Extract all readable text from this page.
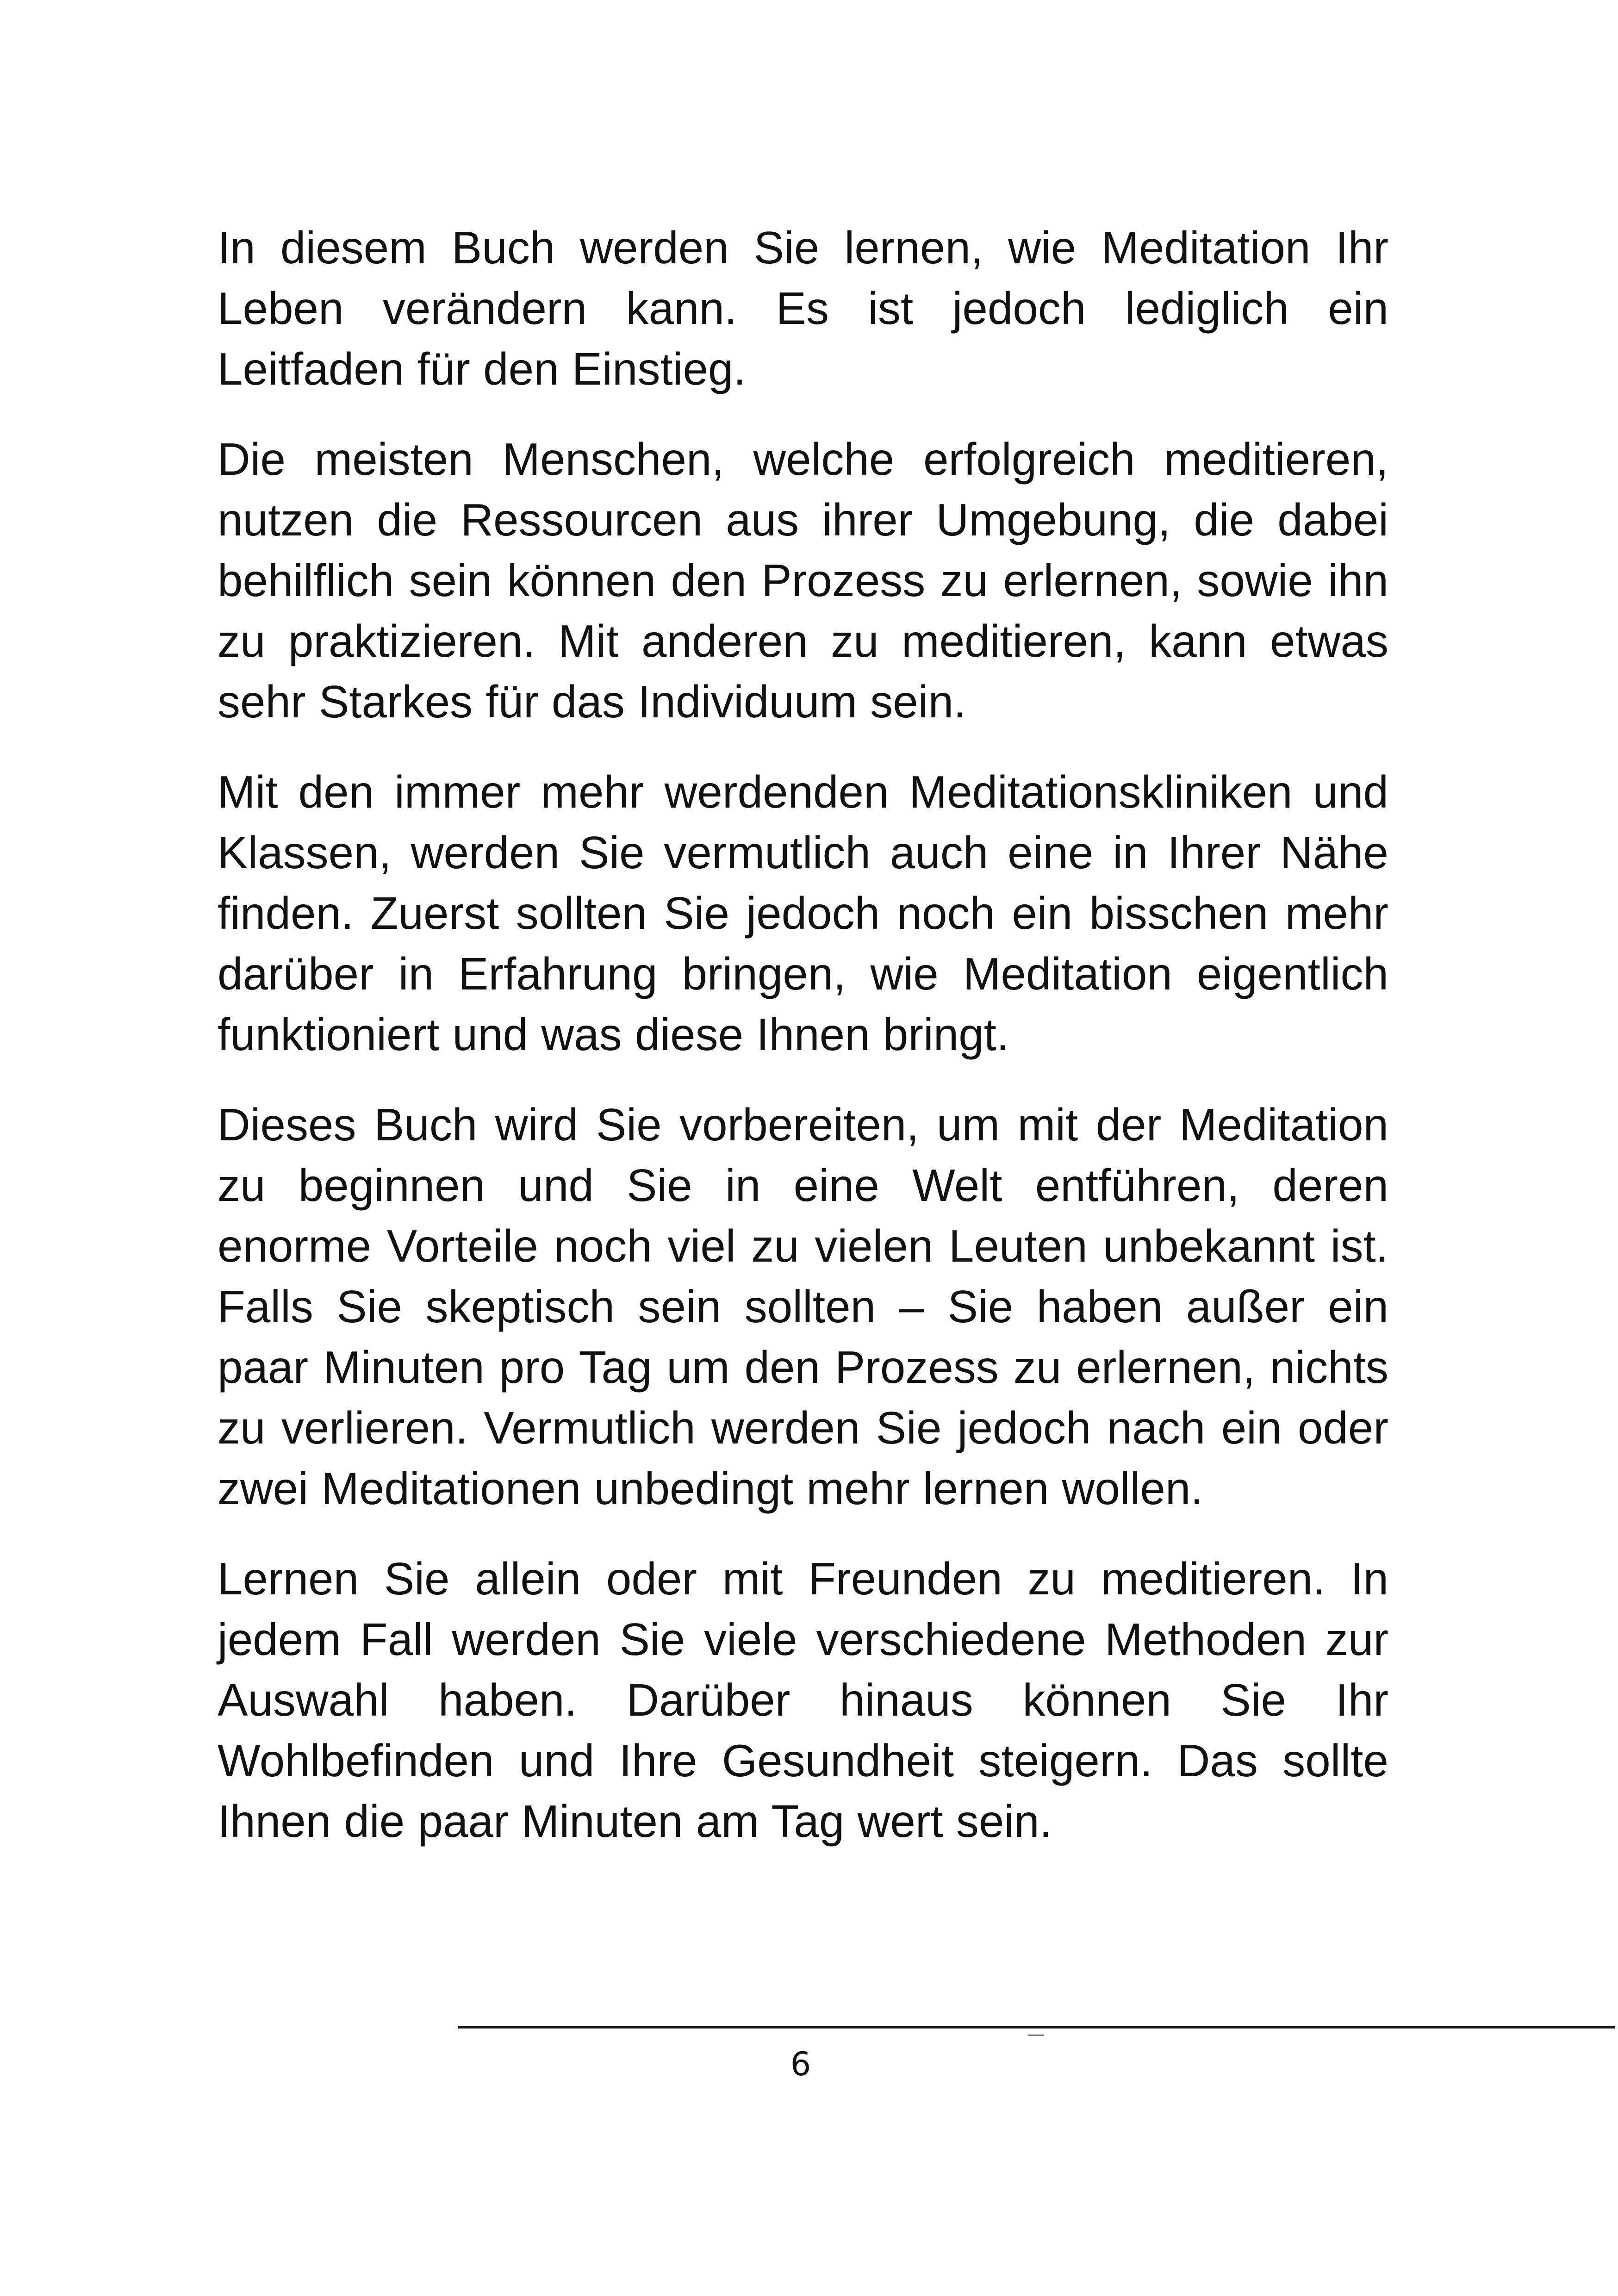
In diesem Buch werden Sie lernen, wie Meditation Ihr Leben verändern kann. Es ist jedoch lediglich ein Leitfaden für den Einstieg.

Die meisten Menschen, welche erfolgreich meditieren, nutzen die Ressourcen aus ihrer Umgebung, die dabei behilflich sein können den Prozess zu erlernen, sowie ihn zu praktizieren. Mit anderen zu meditieren, kann etwas sehr Starkes für das Individuum sein.

Mit den immer mehr werdenden Meditationskliniken und Klassen, werden Sie vermutlich auch eine in Ihrer Nähe finden. Zuerst sollten Sie jedoch noch ein bisschen mehr darüber in Erfahrung bringen, wie Meditation eigentlich funktioniert und was diese Ihnen bringt.

Dieses Buch wird Sie vorbereiten, um mit der Meditation zu beginnen und Sie in eine Welt entführen, deren enorme Vorteile noch viel zu vielen Leuten unbekannt ist. Falls Sie skeptisch sein sollten – Sie haben außer ein paar Minuten pro Tag um den Prozess zu erlernen, nichts zu verlieren. Vermutlich werden Sie jedoch nach ein oder zwei Meditationen unbedingt mehr lernen wollen.

Lernen Sie allein oder mit Freunden zu meditieren. In jedem Fall werden Sie viele verschiedene Methoden zur Auswahl haben. Darüber hinaus können Sie Ihr Wohlbefinden und Ihre Gesundheit steigern. Das sollte Ihnen die paar Minuten am Tag wert sein.

6
